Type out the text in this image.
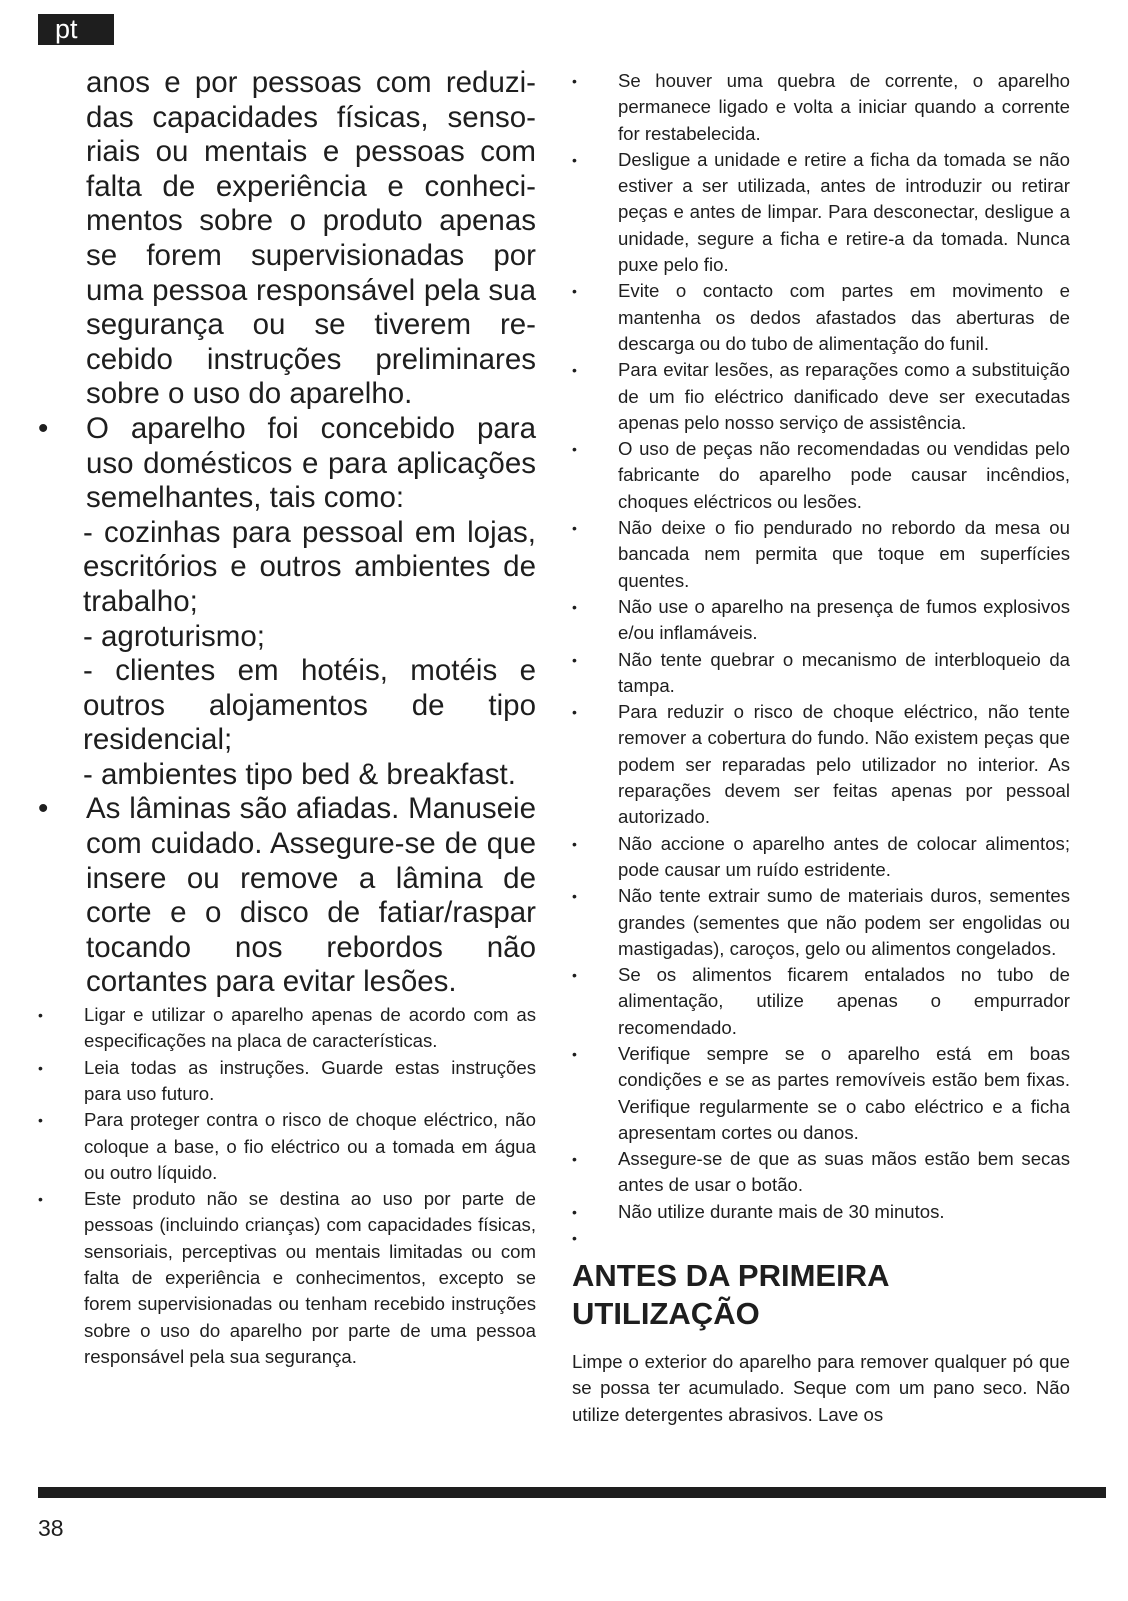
pt

anos e por pessoas com reduzi-das capacidades físicas, senso-riais ou mentais e pessoas com falta de experiência e conheci-mentos sobre o produto apenas se forem supervisionadas por uma pessoa responsável pela sua segurança ou se tiverem re-cebido instruções preliminares sobre o uso do aparelho.

• O aparelho foi concebido para uso domésticos e para aplicações semelhantes, tais como:

- cozinhas para pessoal em lojas, escritórios e outros ambientes de trabalho;

- agroturismo;

- clientes em hotéis, motéis e outros alojamentos de tipo residencial;

- ambientes tipo bed & breakfast.

• As lâminas são afiadas. Manuseie com cuidado. Assegure-se de que insere ou remove a lâmina de corte e o disco de fatiar/raspar tocando nos rebordos não cortantes para evitar lesões.
• Ligar e utilizar o aparelho apenas de acordo com as especificações na placa de características.
• Leia todas as instruções. Guarde estas instruções para uso futuro.
• Para proteger contra o risco de choque eléctrico, não coloque a base, o fio eléctrico ou a tomada em água ou outro líquido.
• Este produto não se destina ao uso por parte de pessoas (incluindo crianças) com capacidades físicas, sensoriais, perceptivas ou mentais limitadas ou com falta de experiência e conhecimentos, excepto se forem supervisionadas ou tenham recebido instruções sobre o uso do aparelho por parte de uma pessoa responsável pela sua segurança.
• Se houver uma quebra de corrente, o aparelho permanece ligado e volta a iniciar quando a corrente for restabelecida.
• Desligue a unidade e retire a ficha da tomada se não estiver a ser utilizada, antes de introduzir ou retirar peças e antes de limpar. Para desconectar, desligue a unidade, segure a ficha e retire-a da tomada. Nunca puxe pelo fio.
• Evite o contacto com partes em movimento e mantenha os dedos afastados das aberturas de descarga ou do tubo de alimentação do funil.
• Para evitar lesões, as reparações como a substituição de um fio eléctrico danificado deve ser executadas apenas pelo nosso serviço de assistência.
• O uso de peças não recomendadas ou vendidas pelo fabricante do aparelho pode causar incêndios, choques eléctricos ou lesões.
• Não deixe o fio pendurado no rebordo da mesa ou bancada nem permita que toque em superfícies quentes.
• Não use o aparelho na presença de fumos explosivos e/ou inflamáveis.
• Não tente quebrar o mecanismo de interbloqueio da tampa.
• Para reduzir o risco de choque eléctrico, não tente remover a cobertura do fundo. Não existem peças que podem ser reparadas pelo utilizador no interior. As reparações devem ser feitas apenas por pessoal autorizado.
• Não accione o aparelho antes de colocar alimentos; pode causar um ruído estridente.
• Não tente extrair sumo de materiais duros, sementes grandes (sementes que não podem ser engolidas ou mastigadas), caroços, gelo ou alimentos congelados.
• Se os alimentos ficarem entalados no tubo de alimentação, utilize apenas o empurrador recomendado.
• Verifique sempre se o aparelho está em boas condições e se as partes removíveis estão bem fixas. Verifique regularmente se o cabo eléctrico e a ficha apresentam cortes ou danos.
• Assegure-se de que as suas mãos estão bem secas antes de usar o botão.
• Não utilize durante mais de 30 minutos.
•
ANTES DA PRIMEIRA
UTILIZAÇÃO

Limpe o exterior do aparelho para remover qualquer pó que se possa ter acumulado. Seque com um pano seco. Não utilize detergentes abrasivos. Lave os

38
